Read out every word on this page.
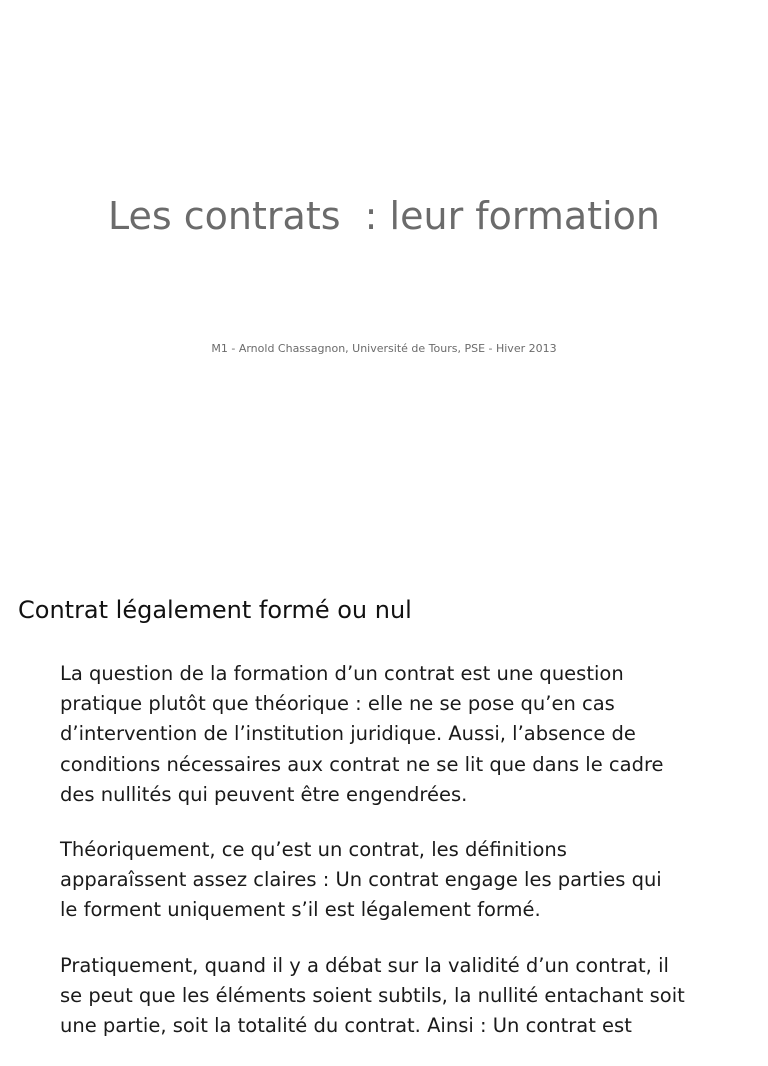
Les contrats  : leur formation
M1 - Arnold Chassagnon, Université de Tours, PSE - Hiver 2013
Contrat légalement formé ou nul

La question de la formation d’un contrat est une question
pratique plutôt que théorique : elle ne se pose qu’en cas
d’intervention de l’institution juridique. Aussi, l’absence de
conditions nécessaires aux contrat ne se lit que dans le cadre
des nullités qui peuvent être engendrées.

Théoriquement, ce qu’est un contrat, les définitions
apparaîssent assez claires : Un contrat engage les parties qui
le forment uniquement s’il est légalement formé.

Pratiquement, quand il y a débat sur la validité d’un contrat, il
se peut que les éléments soient subtils, la nullité entachant soit
une partie, soit la totalité du contrat. Ainsi : Un contrat est
